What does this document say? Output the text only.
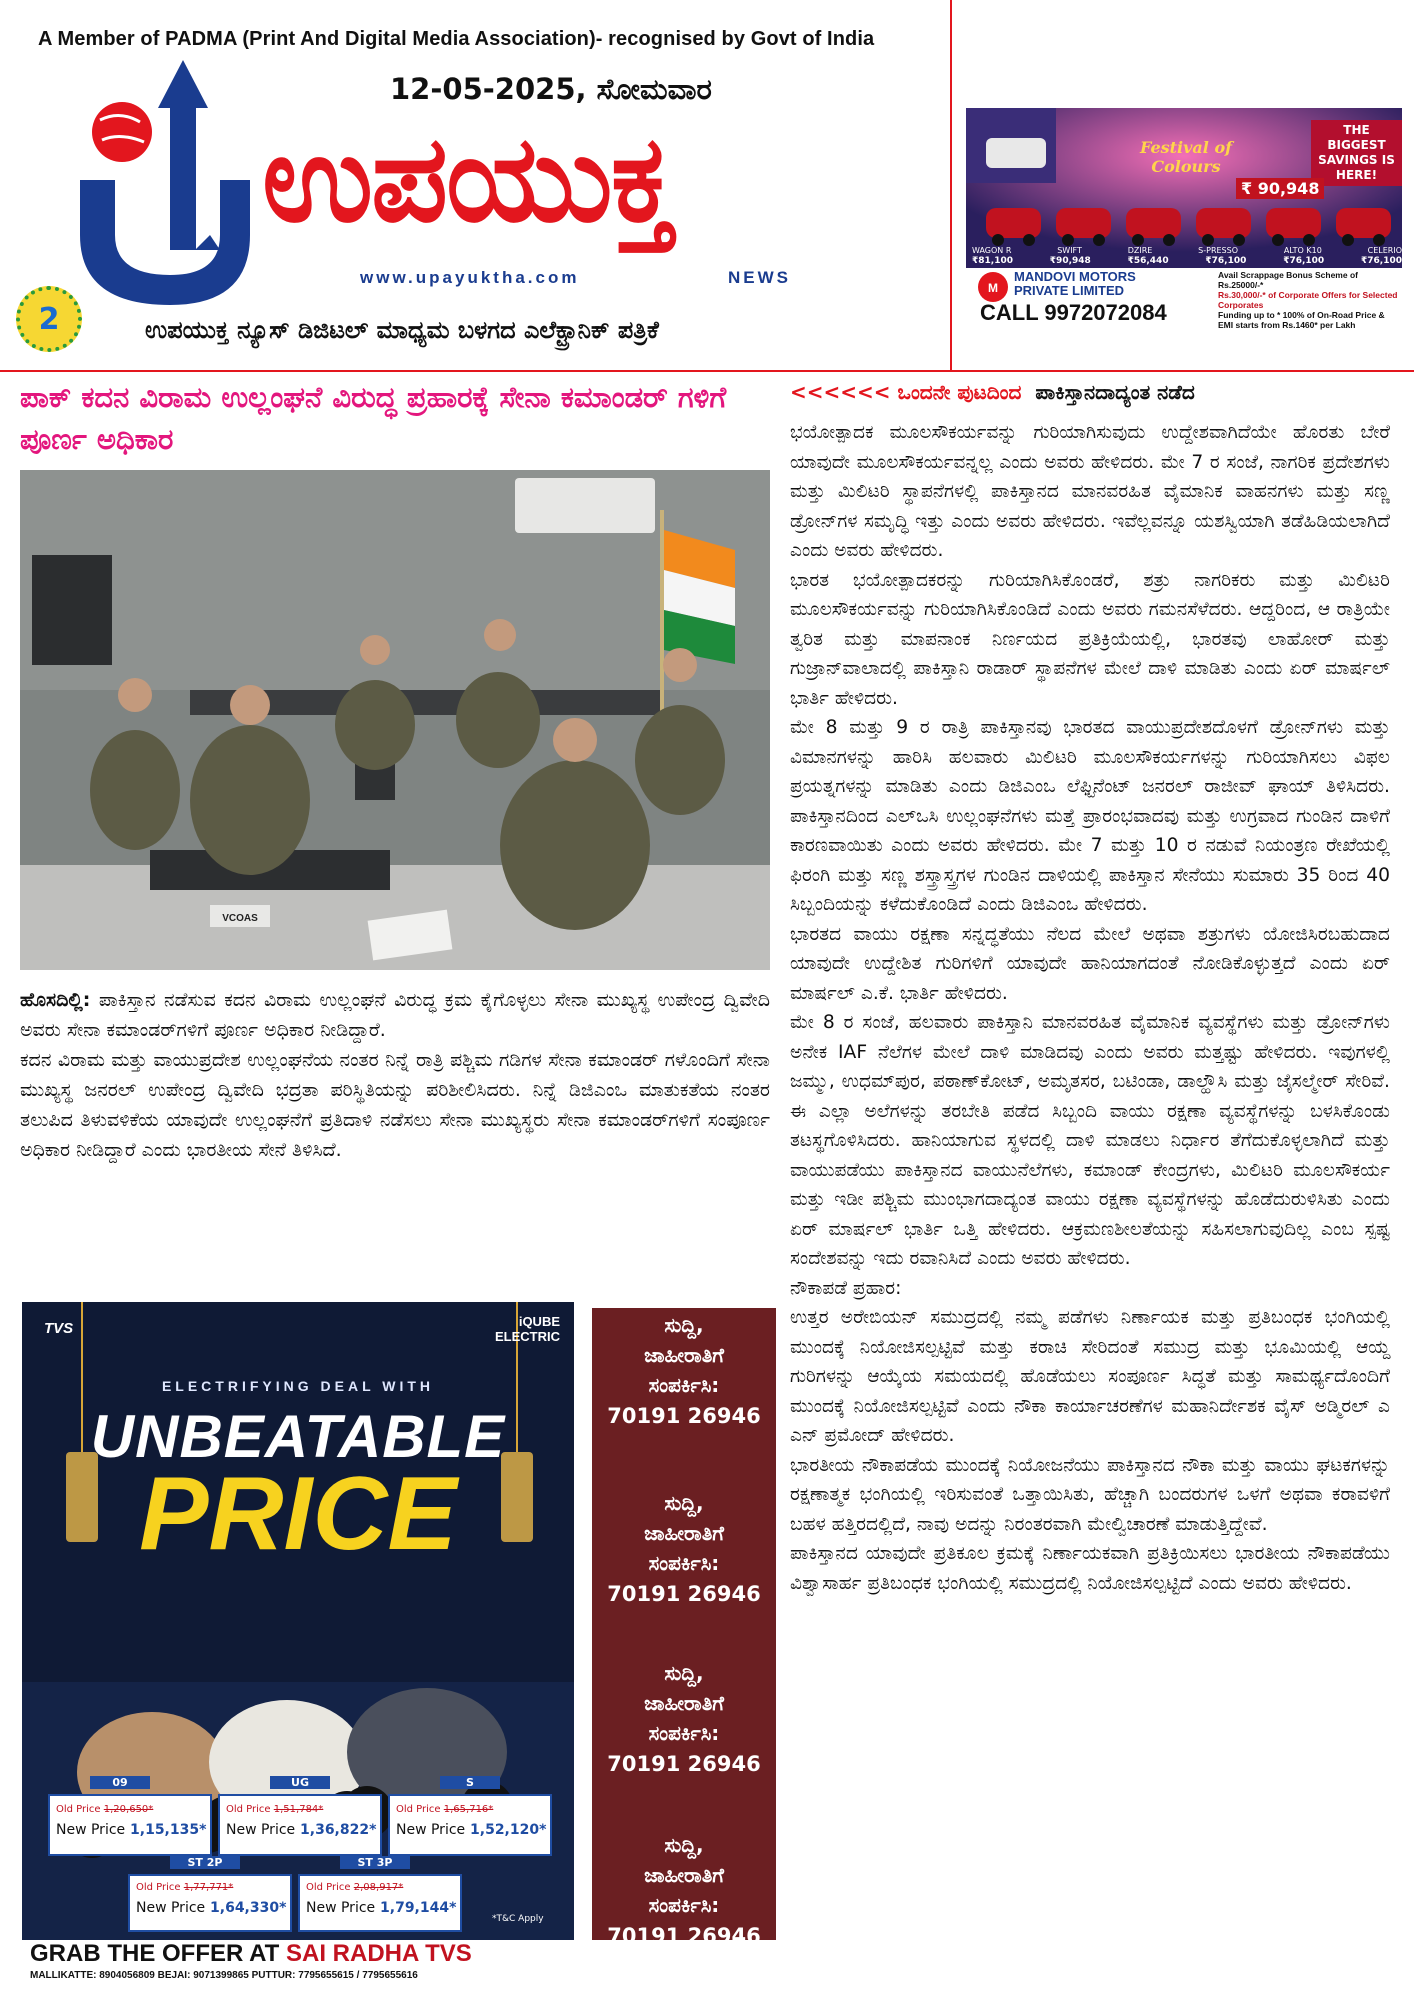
A Member of PADMA (Print And Digital Media Association)- recognised by Govt of India
12-05-2025, ಸೋಮವಾರ
ಉಪಯುಕ್ತ
www.upayuktha.com	NEWS
2	ಉಪಯುಕ್ತ ನ್ಯೂಸ್ ಡಿಜಿಟಲ್ ಮಾಧ್ಯಮ ಬಳಗದ ಎಲೆಕ್ಟ್ರಾನಿಕ್ ಪತ್ರಿಕೆ
Festival of Colours
THE BIGGEST SAVINGS IS HERE!
₹ 90,948
WAGON R	SWIFT	DZIRE	S-PRESSO	ALTO K10	CELERIO
₹81,100	₹90,948	₹56,440	₹76,100	₹76,100	₹76,100
M
MANDOVI MOTORS PRIVATE LIMITED
CALL 9972072084
Avail Scrappage Bonus Scheme of Rs.25000/-*
Rs.30,000/-* of Corporate Offers for Selected Corporates
Funding up to * 100% of On-Road Price & EMI starts from Rs.1460* per Lakh
ಪಾಕ್ ಕದನ ವಿರಾಮ ಉಲ್ಲಂಘನೆ ವಿರುದ್ಧ ಪ್ರಹಾರಕ್ಕೆ ಸೇನಾ ಕಮಾಂಡರ್ ಗಳಿಗೆ ಪೂರ್ಣ ಅಧಿಕಾರ
VCOAS

ಹೊಸದಿಲ್ಲಿ: ಪಾಕಿಸ್ತಾನ ನಡೆಸುವ ಕದನ ವಿರಾಮ ಉಲ್ಲಂಘನೆ ವಿರುದ್ಧ ಕ್ರಮ ಕೈಗೊಳ್ಳಲು ಸೇನಾ ಮುಖ್ಯಸ್ಥ ಉಪೇಂದ್ರ ದ್ವಿವೇದಿ ಅವರು ಸೇನಾ ಕಮಾಂಡರ್‌ಗಳಿಗೆ ಪೂರ್ಣ ಅಧಿಕಾರ ನೀಡಿದ್ದಾರೆ.

ಕದನ ವಿರಾಮ ಮತ್ತು ವಾಯುಪ್ರದೇಶ ಉಲ್ಲಂಘನೆಯ ನಂತರ ನಿನ್ನೆ ರಾತ್ರಿ ಪಶ್ಚಿಮ ಗಡಿಗಳ ಸೇನಾ ಕಮಾಂಡರ್ ಗಳೊಂದಿಗೆ ಸೇನಾ ಮುಖ್ಯಸ್ಥ ಜನರಲ್ ಉಪೇಂದ್ರ ದ್ವಿವೇದಿ ಭದ್ರತಾ ಪರಿಸ್ಥಿತಿಯನ್ನು ಪರಿಶೀಲಿಸಿದರು. ನಿನ್ನೆ ಡಿಜಿಎಂಒ ಮಾತುಕತೆಯ ನಂತರ ತಲುಪಿದ ತಿಳುವಳಿಕೆಯ ಯಾವುದೇ ಉಲ್ಲಂಘನೆಗೆ ಪ್ರತಿದಾಳಿ ನಡೆಸಲು ಸೇನಾ ಮುಖ್ಯಸ್ಥರು ಸೇನಾ ಕಮಾಂಡರ್‌ಗಳಿಗೆ ಸಂಪೂರ್ಣ ಅಧಿಕಾರ ನೀಡಿದ್ದಾರೆ ಎಂದು ಭಾರತೀಯ ಸೇನೆ ತಿಳಿಸಿದೆ.

<<<<<< ಒಂದನೇ ಪುಟದಿಂದ ಪಾಕಿಸ್ತಾನದಾದ್ಯಂತ ನಡೆದ

ಭಯೋತ್ಪಾದಕ ಮೂಲಸೌಕರ್ಯವನ್ನು ಗುರಿಯಾಗಿಸುವುದು ಉದ್ದೇಶವಾಗಿದೆಯೇ ಹೊರತು ಬೇರೆ ಯಾವುದೇ ಮೂಲಸೌಕರ್ಯವನ್ನಲ್ಲ ಎಂದು ಅವರು ಹೇಳಿದರು. ಮೇ 7 ರ ಸಂಜೆ, ನಾಗರಿಕ ಪ್ರದೇಶಗಳು ಮತ್ತು ಮಿಲಿಟರಿ ಸ್ಥಾಪನೆಗಳಲ್ಲಿ ಪಾಕಿಸ್ತಾನದ ಮಾನವರಹಿತ ವೈಮಾನಿಕ ವಾಹನಗಳು ಮತ್ತು ಸಣ್ಣ ಡ್ರೋನ್‌ಗಳ ಸಮೃದ್ಧಿ ಇತ್ತು ಎಂದು ಅವರು ಹೇಳಿದರು. ಇವೆಲ್ಲವನ್ನೂ ಯಶಸ್ವಿಯಾಗಿ ತಡೆಹಿಡಿಯಲಾಗಿದೆ ಎಂದು ಅವರು ಹೇಳಿದರು.

ಭಾರತ ಭಯೋತ್ಪಾದಕರನ್ನು ಗುರಿಯಾಗಿಸಿಕೊಂಡರೆ, ಶತ್ರು ನಾಗರಿಕರು ಮತ್ತು ಮಿಲಿಟರಿ ಮೂಲಸೌಕರ್ಯವನ್ನು ಗುರಿಯಾಗಿಸಿಕೊಂಡಿದೆ ಎಂದು ಅವರು ಗಮನಸೆಳೆದರು. ಆದ್ದರಿಂದ, ಆ ರಾತ್ರಿಯೇ ತ್ವರಿತ ಮತ್ತು ಮಾಪನಾಂಕ ನಿರ್ಣಯದ ಪ್ರತಿಕ್ರಿಯೆಯಲ್ಲಿ, ಭಾರತವು ಲಾಹೋರ್ ಮತ್ತು ಗುಜ್ರಾನ್‌ವಾಲಾದಲ್ಲಿ ಪಾಕಿಸ್ತಾನಿ ರಾಡಾರ್ ಸ್ಥಾಪನೆಗಳ ಮೇಲೆ ದಾಳಿ ಮಾಡಿತು ಎಂದು ಏರ್ ಮಾರ್ಷಲ್ ಭಾರ್ತಿ ಹೇಳಿದರು.

ಮೇ 8 ಮತ್ತು 9 ರ ರಾತ್ರಿ ಪಾಕಿಸ್ತಾನವು ಭಾರತದ ವಾಯುಪ್ರದೇಶದೊಳಗೆ ಡ್ರೋನ್‌ಗಳು ಮತ್ತು ವಿಮಾನಗಳನ್ನು ಹಾರಿಸಿ ಹಲವಾರು ಮಿಲಿಟರಿ ಮೂಲಸೌಕರ್ಯಗಳನ್ನು ಗುರಿಯಾಗಿಸಲು ವಿಫಲ ಪ್ರಯತ್ನಗಳನ್ನು ಮಾಡಿತು ಎಂದು ಡಿಜಿಎಂಒ ಲೆಫ್ಟಿನೆಂಟ್ ಜನರಲ್ ರಾಜೀವ್ ಘಾಯ್ ತಿಳಿಸಿದರು. ಪಾಕಿಸ್ತಾನದಿಂದ ಎಲ್‌ಒಸಿ ಉಲ್ಲಂಘನೆಗಳು ಮತ್ತೆ ಪ್ರಾರಂಭವಾದವು ಮತ್ತು ಉಗ್ರವಾದ ಗುಂಡಿನ ದಾಳಿಗೆ ಕಾರಣವಾಯಿತು ಎಂದು ಅವರು ಹೇಳಿದರು. ಮೇ 7 ಮತ್ತು 10 ರ ನಡುವೆ ನಿಯಂತ್ರಣ ರೇಖೆಯಲ್ಲಿ ಫಿರಂಗಿ ಮತ್ತು ಸಣ್ಣ ಶಸ್ತ್ರಾಸ್ತ್ರಗಳ ಗುಂಡಿನ ದಾಳಿಯಲ್ಲಿ ಪಾಕಿಸ್ತಾನ ಸೇನೆಯು ಸುಮಾರು 35 ರಿಂದ 40 ಸಿಬ್ಬಂದಿಯನ್ನು ಕಳೆದುಕೊಂಡಿದೆ ಎಂದು ಡಿಜಿಎಂಒ ಹೇಳಿದರು.

ಭಾರತದ ವಾಯು ರಕ್ಷಣಾ ಸನ್ನದ್ಧತೆಯು ನೆಲದ ಮೇಲೆ ಅಥವಾ ಶತ್ರುಗಳು ಯೋಜಿಸಿರಬಹುದಾದ ಯಾವುದೇ ಉದ್ದೇಶಿತ ಗುರಿಗಳಿಗೆ ಯಾವುದೇ ಹಾನಿಯಾಗದಂತೆ ನೋಡಿಕೊಳ್ಳುತ್ತದೆ ಎಂದು ಏರ್ ಮಾರ್ಷಲ್ ಎ.ಕೆ. ಭಾರ್ತಿ ಹೇಳಿದರು.

ಮೇ 8 ರ ಸಂಜೆ, ಹಲವಾರು ಪಾಕಿಸ್ತಾನಿ ಮಾನವರಹಿತ ವೈಮಾನಿಕ ವ್ಯವಸ್ಥೆಗಳು ಮತ್ತು ಡ್ರೋನ್‌ಗಳು ಅನೇಕ IAF ನೆಲೆಗಳ ಮೇಲೆ ದಾಳಿ ಮಾಡಿದವು ಎಂದು ಅವರು ಮತ್ತಷ್ಟು ಹೇಳಿದರು. ಇವುಗಳಲ್ಲಿ ಜಮ್ಮು, ಉಧಮ್‌ಪುರ, ಪಠಾಣ್‌ಕೋಟ್, ಅಮೃತಸರ, ಬಟಿಂಡಾ, ಡಾಲ್ಹೌಸಿ ಮತ್ತು ಜೈಸಲ್ಮೇರ್ ಸೇರಿವೆ. ಈ ಎಲ್ಲಾ ಅಲೆಗಳನ್ನು ತರಬೇತಿ ಪಡೆದ ಸಿಬ್ಬಂದಿ ವಾಯು ರಕ್ಷಣಾ ವ್ಯವಸ್ಥೆಗಳನ್ನು ಬಳಸಿಕೊಂಡು ತಟಸ್ಥಗೊಳಿಸಿದರು. ಹಾನಿಯಾಗುವ ಸ್ಥಳದಲ್ಲಿ ದಾಳಿ ಮಾಡಲು ನಿರ್ಧಾರ ತೆಗೆದುಕೊಳ್ಳಲಾಗಿದೆ ಮತ್ತು ವಾಯುಪಡೆಯು ಪಾಕಿಸ್ತಾನದ ವಾಯುನೆಲೆಗಳು, ಕಮಾಂಡ್ ಕೇಂದ್ರಗಳು, ಮಿಲಿಟರಿ ಮೂಲಸೌಕರ್ಯ ಮತ್ತು ಇಡೀ ಪಶ್ಚಿಮ ಮುಂಭಾಗದಾದ್ಯಂತ ವಾಯು ರಕ್ಷಣಾ ವ್ಯವಸ್ಥೆಗಳನ್ನು ಹೊಡೆದುರುಳಿಸಿತು ಎಂದು ಏರ್ ಮಾರ್ಷಲ್ ಭಾರ್ತಿ ಒತ್ತಿ ಹೇಳಿದರು. ಆಕ್ರಮಣಶೀಲತೆಯನ್ನು ಸಹಿಸಲಾಗುವುದಿಲ್ಲ ಎಂಬ ಸ್ಪಷ್ಟ ಸಂದೇಶವನ್ನು ಇದು ರವಾನಿಸಿದೆ ಎಂದು ಅವರು ಹೇಳಿದರು.

ನೌಕಾಪಡೆ ಪ್ರಹಾರ:

ಉತ್ತರ ಅರೇಬಿಯನ್ ಸಮುದ್ರದಲ್ಲಿ ನಮ್ಮ ಪಡೆಗಳು ನಿರ್ಣಾಯಕ ಮತ್ತು ಪ್ರತಿಬಂಧಕ ಭಂಗಿಯಲ್ಲಿ ಮುಂದಕ್ಕೆ ನಿಯೋಜಿಸಲ್ಪಟ್ಟಿವೆ ಮತ್ತು ಕರಾಚಿ ಸೇರಿದಂತೆ ಸಮುದ್ರ ಮತ್ತು ಭೂಮಿಯಲ್ಲಿ ಆಯ್ದ ಗುರಿಗಳನ್ನು ಆಯ್ಕೆಯ ಸಮಯದಲ್ಲಿ ಹೊಡೆಯಲು ಸಂಪೂರ್ಣ ಸಿದ್ಧತೆ ಮತ್ತು ಸಾಮರ್ಥ್ಯದೊಂದಿಗೆ ಮುಂದಕ್ಕೆ ನಿಯೋಜಿಸಲ್ಪಟ್ಟಿವೆ ಎಂದು ನೌಕಾ ಕಾರ್ಯಾಚರಣೆಗಳ ಮಹಾನಿರ್ದೇಶಕ ವೈಸ್ ಅಡ್ಮಿರಲ್ ಎ ಎನ್ ಪ್ರಮೋದ್ ಹೇಳಿದರು.

ಭಾರತೀಯ ನೌಕಾಪಡೆಯ ಮುಂದಕ್ಕೆ ನಿಯೋಜನೆಯು ಪಾಕಿಸ್ತಾನದ ನೌಕಾ ಮತ್ತು ವಾಯು ಘಟಕಗಳನ್ನು ರಕ್ಷಣಾತ್ಮಕ ಭಂಗಿಯಲ್ಲಿ ಇರಿಸುವಂತೆ ಒತ್ತಾಯಿಸಿತು, ಹೆಚ್ಚಾಗಿ ಬಂದರುಗಳ ಒಳಗೆ ಅಥವಾ ಕರಾವಳಿಗೆ ಬಹಳ ಹತ್ತಿರದಲ್ಲಿದೆ, ನಾವು ಅದನ್ನು ನಿರಂತರವಾಗಿ ಮೇಲ್ವಿಚಾರಣೆ ಮಾಡುತ್ತಿದ್ದೇವೆ.

ಪಾಕಿಸ್ತಾನದ ಯಾವುದೇ ಪ್ರತಿಕೂಲ ಕ್ರಮಕ್ಕೆ ನಿರ್ಣಾಯಕವಾಗಿ ಪ್ರತಿಕ್ರಿಯಿಸಲು ಭಾರತೀಯ ನೌಕಾಪಡೆಯು ವಿಶ್ವಾಸಾರ್ಹ ಪ್ರತಿಬಂಧಕ ಭಂಗಿಯಲ್ಲಿ ಸಮುದ್ರದಲ್ಲಿ ನಿಯೋಜಿಸಲ್ಪಟ್ಟಿದೆ ಎಂದು ಅವರು ಹೇಳಿದರು.

TVS	iQUBE ELECTRIC
ELECTRIFYING DEAL WITH
UNBEATABLE
PRICE
09
Old Price 1,20,650*
New Price 1,15,135*
UG
Old Price 1,51,784*
New Price 1,36,822*
S
Old Price 1,65,716*
New Price 1,52,120*
ST 2P
Old Price 1,77,771*
New Price 1,64,330*
ST 3P
Old Price 2,08,917*
New Price 1,79,144*
*T&C Apply
GRAB THE OFFER AT SAI RADHA TVS
MALLIKATTE: 8904056809 BEJAI: 9071399865 PUTTUR: 7795655615 / 7795655616
ಸುದ್ದಿ,
ಜಾಹೀರಾತಿಗೆ
ಸಂಪರ್ಕಿಸಿ:
70191 26946
ಸುದ್ದಿ,
ಜಾಹೀರಾತಿಗೆ
ಸಂಪರ್ಕಿಸಿ:
70191 26946
ಸುದ್ದಿ,
ಜಾಹೀರಾತಿಗೆ
ಸಂಪರ್ಕಿಸಿ:
70191 26946
ಸುದ್ದಿ,
ಜಾಹೀರಾತಿಗೆ
ಸಂಪರ್ಕಿಸಿ:
70191 26946
